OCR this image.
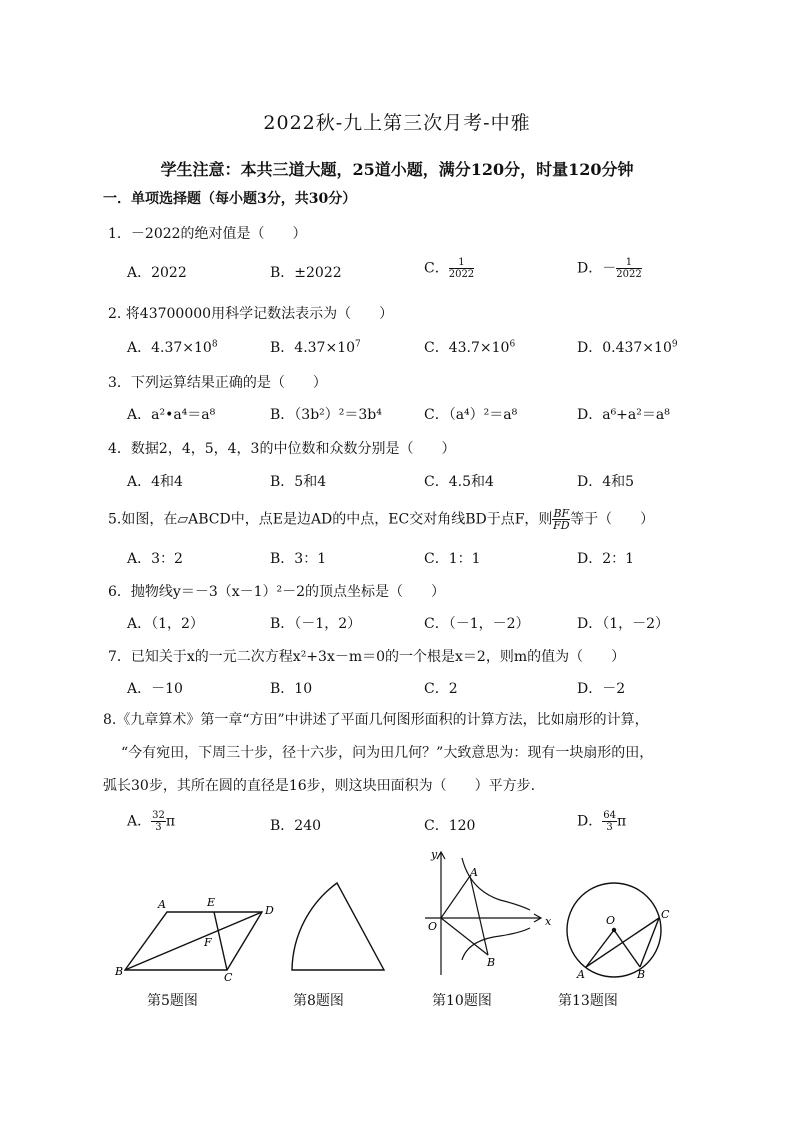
2022秋-九上第三次月考-中雅
学生注意：本共三道大题，25道小题，满分120分，时量120分钟
一．单项选择题（每小题3分，共30分）
1．－2022的绝对值是（　　）
A．2022	B．±2022	C． $\frac{1}{2022}$	D．－ $\frac{1}{2022}$
2. 将43700000用科学记数法表示为（　　）
A．$4.37\times 10^8$	B．$4.37\times 10^7$	C．$43.7\times 10^6$	D．$0.437\times 10^9$
3．下列运算结果正确的是（　　）
A．a²•a⁴＝a⁸	B．（3b²）²＝3b⁴	C．（a⁴）²＝a⁸	D．a⁶+a²＝a⁸
4．数据2，4，5，4，3的中位数和众数分别是（　　）
A．4和4	B．5和4	C．4.5和4	D．4和5
5.如图，在▱ABCD中，点E是边AD的中点，EC交对角线BD于点F，则 $\frac{BF}{FD}$ 等于（　　）
A．3：2	B．3：1	C．1：1	D．2：1
6．抛物线y＝－3（x－1）²－2的顶点坐标是（　　）
A．（1，2）	B．（－1，2）	C．（－1，－2）	D．（1，－2）
7．已知关于x的一元二次方程x²+3x－m＝0的一个根是x＝2，则m的值为（　　）
A．－10	B．10	C．2	D．－2
8.《九章算术》第一章“方田”中讲述了平面几何图形面积的计算方法，比如扇形的计算，
“今有宛田，下周三十步，径十六步，问为田几何？”大致意思为：现有一块扇形的田，
弧长30步，其所在圆的直径是16步，则这块田面积为（　　）平方步.
A． $\frac{32}{3}$ π	B．240	C．120	D． $\frac{64}{3}$ π
A	E
D
F
B	C
y
x
O
A
B
O	C
A	B
第5题图	第8题图	第10题图	第13题图
